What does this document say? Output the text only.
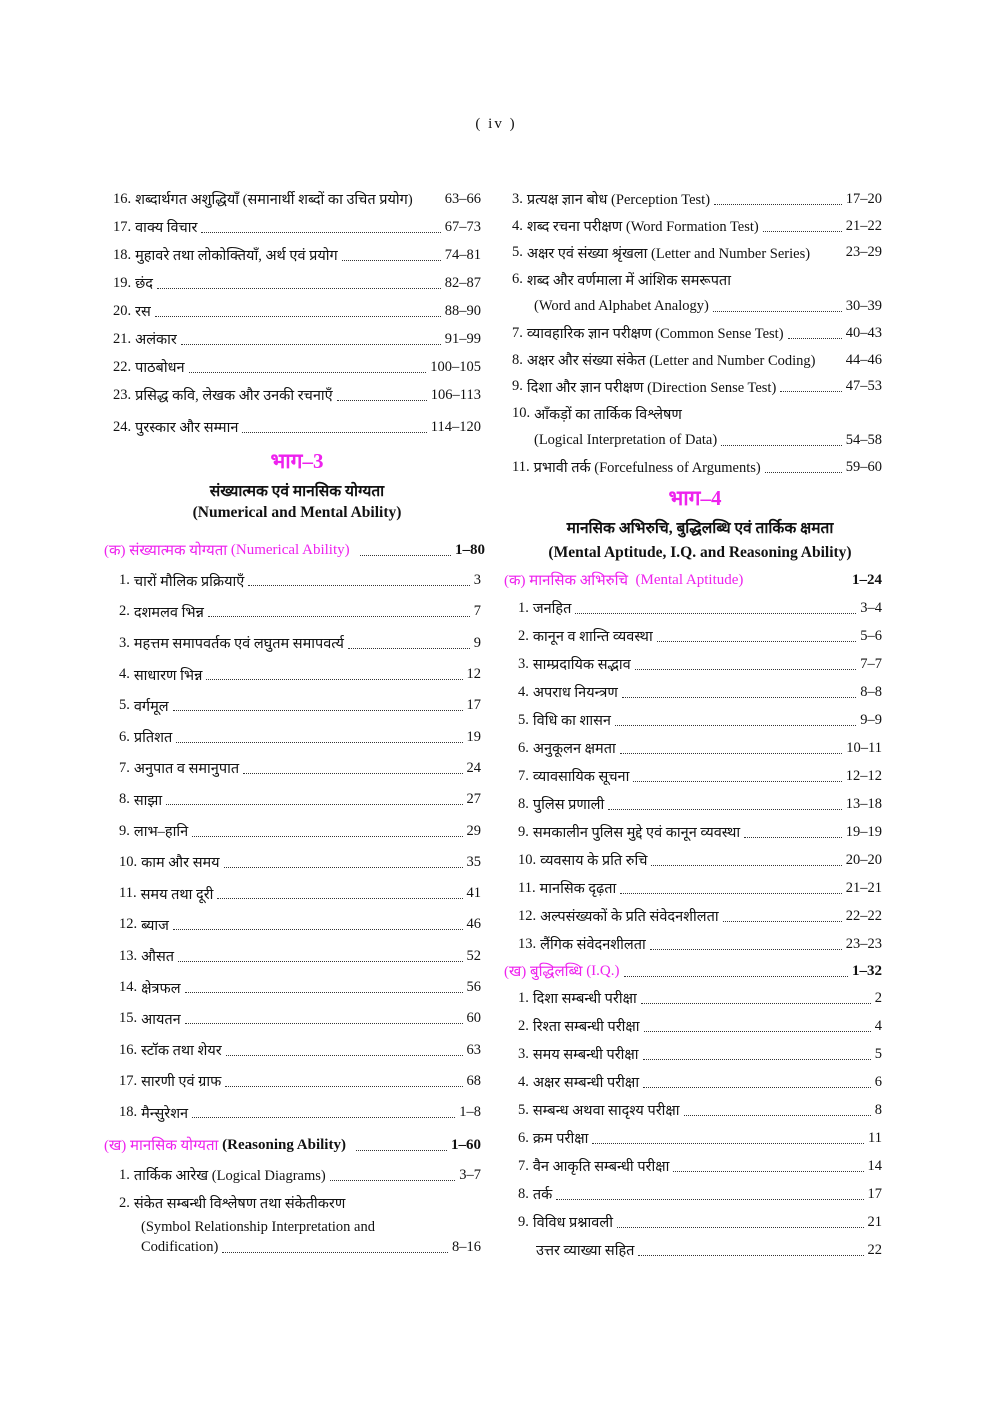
( iv )
16. शब्दार्थगत अशुद्धियाँ (समानार्थी शब्दों का उचित प्रयोग) 63–66
17. वाक्य विचार	67–73
18. मुहावरे तथा लोकोक्तियाँ, अर्थ एवं प्रयोग	74–81
19. छंद	82–87
20. रस	88–90
21. अलंकार	91–99
22. पाठबोधन	100–105
23. प्रसिद्ध कवि, लेखक और उनकी रचनाएँ	106–113
24. पुरस्कार और सम्मान	114–120
भाग–3
संख्यात्मक एवं मानसिक योग्यता
(Numerical and Mental Ability)
(क) संख्यात्मक योग्यता
(Numerical Ability)	1–80
1. चारों मौलिक प्रक्रियाएँ	3
2. दशमलव भिन्न	7
3. महत्तम समापवर्तक एवं लघुतम समापवर्त्य	9
4. साधारण भिन्न	12
5. वर्गमूल	17
6. प्रतिशत	19
7. अनुपात व समानुपात	24
8. साझा	27
9. लाभ–हानि	29
10. काम और समय	35
11. समय तथा दूरी	41
12. ब्याज	46
13. औसत	52
14. क्षेत्रफल	56
15. आयतन	60
16. स्टॉक तथा शेयर	63
17. सारणी एवं ग्राफ	68
18. मैन्सुरेशन	1–8
(ख) मानसिक योग्यता
(Reasoning Ability)	1–60
1. तार्किक आरेख (Logical Diagrams)	3–7
2. संकेत सम्बन्धी विश्लेषण तथा संकेतीकरण
(Symbol Relationship Interpretation and
Codification)	8–16
3. प्रत्यक्ष ज्ञान बोध (Perception Test)	17–20
4. शब्द रचना परीक्षण (Word Formation Test)	21–22
5. अक्षर एवं संख्या श्रृंखला (Letter and Number Series) 23–29
6. शब्द और वर्णमाला में आंशिक समरूपता
(Word and Alphabet Analogy)	30–39
7. व्यावहारिक ज्ञान परीक्षण (Common Sense Test)	40–43
8. अक्षर और संख्या संकेत (Letter and Number Coding) 44–46
9. दिशा और ज्ञान परीक्षण (Direction Sense Test)	47–53
10. आँकड़ों का तार्किक विश्लेषण
(Logical Interpretation of Data)	54–58
11. प्रभावी तर्क (Forcefulness of Arguments)	59–60
भाग–4
मानसिक अभिरुचि, बुद्धिलब्धि एवं तार्किक क्षमता
(Mental Aptitude, I.Q. and Reasoning Ability)
(क) मानसिक अभिरुचि
(Mental Aptitude)	1–24
1. जनहित	3–4
2. कानून व शान्ति व्यवस्था	5–6
3. साम्प्रदायिक सद्भाव	7–7
4. अपराध नियन्त्रण	8–8
5. विधि का शासन	9–9
6. अनुकूलन क्षमता	10–11
7. व्यावसायिक सूचना	12–12
8. पुलिस प्रणाली	13–18
9. समकालीन पुलिस मुद्दे एवं कानून व्यवस्था	19–19
10. व्यवसाय के प्रति रुचि	20–20
11. मानसिक दृढ़ता	21–21
12. अल्पसंख्यकों के प्रति संवेदनशीलता	22–22
13. लैंगिक संवेदनशीलता	23–23
(ख) बुद्धिलब्धि
(I.Q.)	1–32
1. दिशा सम्बन्धी परीक्षा	2
2. रिश्ता सम्बन्धी परीक्षा	4
3. समय सम्बन्धी परीक्षा	5
4. अक्षर सम्बन्धी परीक्षा	6
5. सम्बन्ध अथवा सादृश्य परीक्षा	8
6. क्रम परीक्षा	11
7. वैन आकृति सम्बन्धी परीक्षा	14
8. तर्क	17
9. विविध प्रश्नावली	21
उत्तर व्याख्या सहित	22
